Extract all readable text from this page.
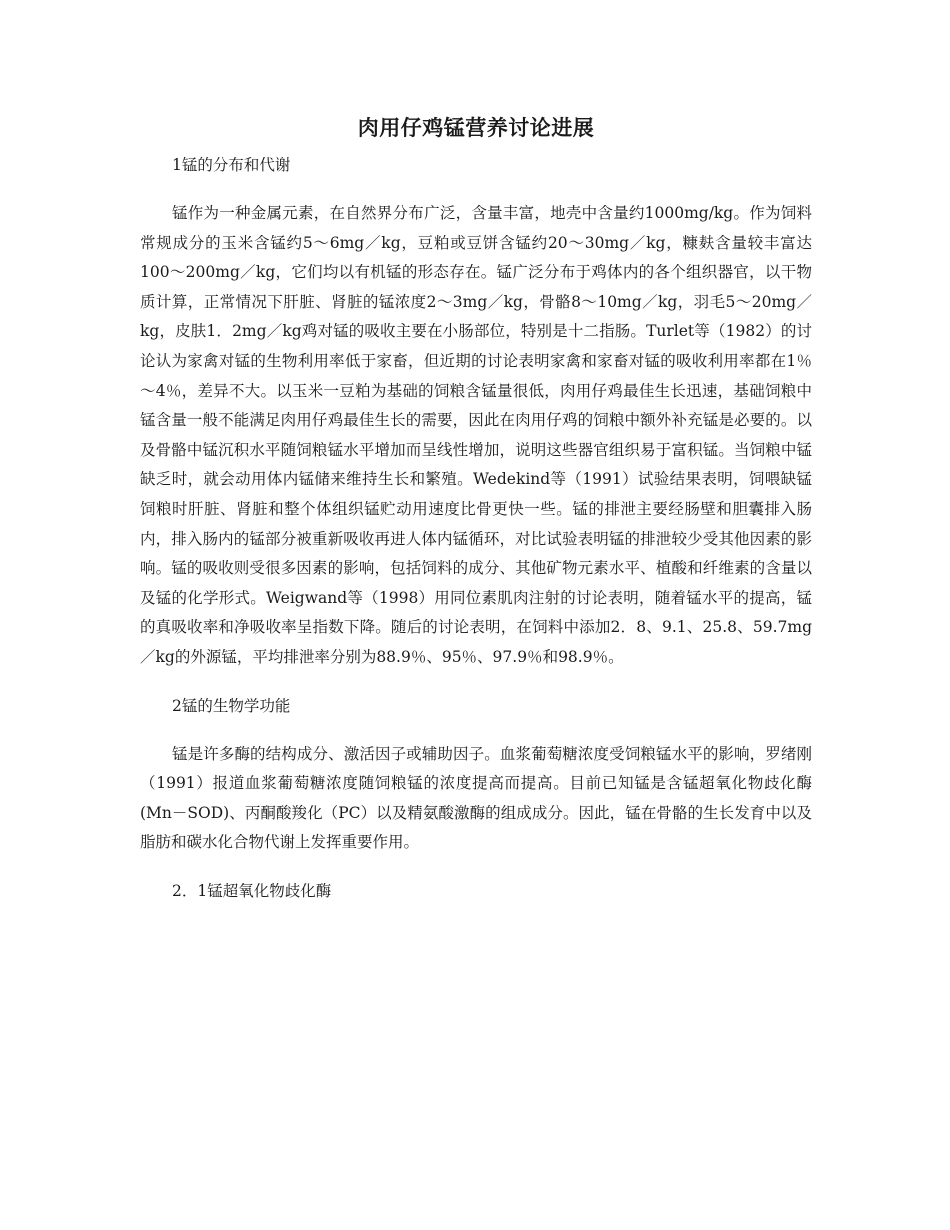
肉用仔鸡锰营养讨论进展

1锰的分布和代谢

锰作为一种金属元素，在自然界分布广泛，含量丰富，地壳中含量约1000mg/kg。作为饲料常规成分的玉米含锰约5～6mg／kg，豆粕或豆饼含锰约20～30mg／kg，糠麸含量较丰富达100～200mg／kg，它们均以有机锰的形态存在。锰广泛分布于鸡体内的各个组织器官，以干物质计算，正常情况下肝脏、肾脏的锰浓度2～3mg／kg，骨骼8～10mg／kg，羽毛5～20mg／kg，皮肤1．2mg／kg鸡对锰的吸收主要在小肠部位，特别是十二指肠。Turlet等（1982）的讨论认为家禽对锰的生物利用率低于家畜，但近期的讨论表明家禽和家畜对锰的吸收利用率都在1％～4％，差异不大。以玉米一豆粕为基础的饲粮含锰量很低，肉用仔鸡最佳生长迅速，基础饲粮中锰含量一般不能满足肉用仔鸡最佳生长的需要，因此在肉用仔鸡的饲粮中额外补充锰是必要的。以及骨骼中锰沉积水平随饲粮锰水平增加而呈线性增加，说明这些器官组织易于富积锰。当饲粮中锰缺乏时，就会动用体内锰储来维持生长和繁殖。Wedekind等（1991）试验结果表明，饲喂缺锰饲粮时肝脏、肾脏和整个体组织锰贮动用速度比骨更快一些。锰的排泄主要经肠壁和胆囊排入肠内，排入肠内的锰部分被重新吸收再进人体内锰循环，对比试验表明锰的排泄较少受其他因素的影响。锰的吸收则受很多因素的影响，包括饲料的成分、其他矿物元素水平、植酸和纤维素的含量以及锰的化学形式。Weigwand等（1998）用同位素肌肉注射的讨论表明，随着锰水平的提高，锰的真吸收率和净吸收率呈指数下降。随后的讨论表明，在饲料中添加2．8、9.1、25.8、59.7mg／kg的外源锰，平均排泄率分别为88.9％、95％、97.9％和98.9％。

2锰的生物学功能

锰是许多酶的结构成分、激活因子或辅助因子。血浆葡萄糖浓度受饲粮锰水平的影响，罗绪刚（1991）报道血浆葡萄糖浓度随饲粮锰的浓度提高而提高。目前已知锰是含锰超氧化物歧化酶(Mn－SOD)、丙酮酸羧化（PC）以及精氨酸激酶的组成成分。因此，锰在骨骼的生长发育中以及脂肪和碳水化合物代谢上发挥重要作用。

2．1锰超氧化物歧化酶
